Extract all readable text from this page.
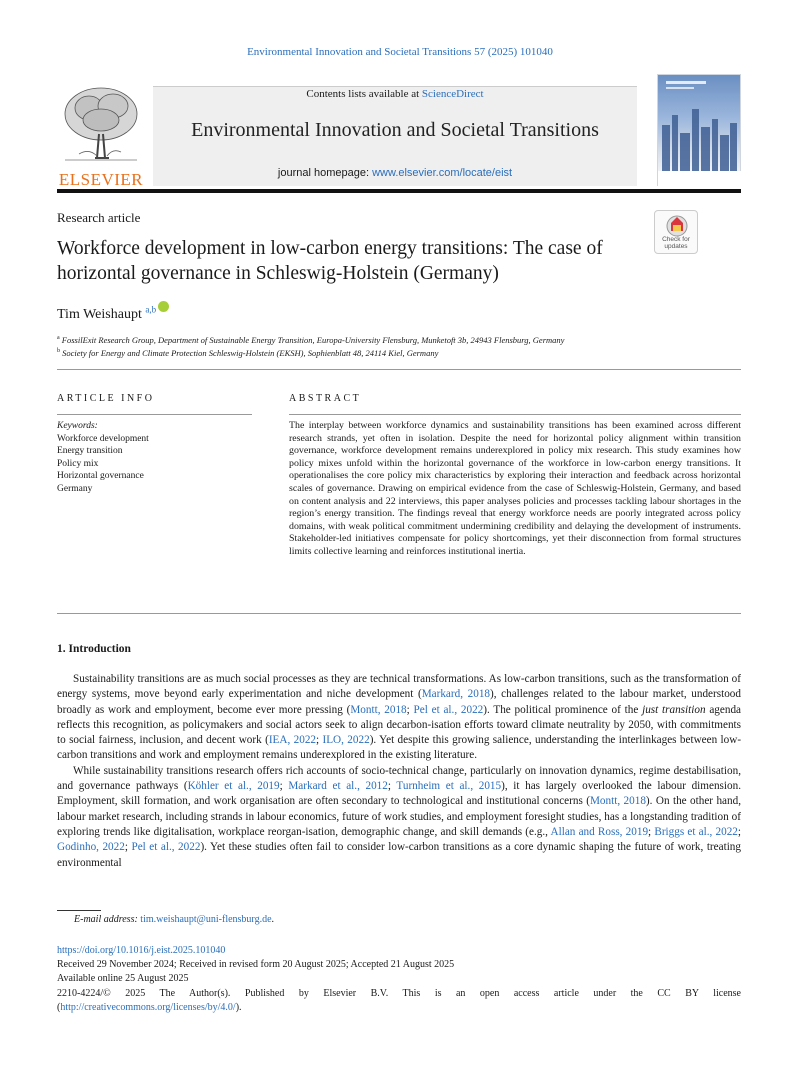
Environmental Innovation and Societal Transitions 57 (2025) 101040
ELSEVIER
Contents lists available at ScienceDirect
Environmental Innovation and Societal Transitions
journal homepage: www.elsevier.com/locate/eist
Research article
Check for updates
Workforce development in low-carbon energy transitions: The case of horizontal governance in Schleswig-Holstein (Germany)
Tim Weishaupt $^{a,b}$
$^a$ FossilExit Research Group, Department of Sustainable Energy Transition, Europa-University Flensburg, Munketoft 3b, 24943 Flensburg, Germany
$^b$ Society for Energy and Climate Protection Schleswig-Holstein (EKSH), Sophienblatt 48, 24114 Kiel, Germany
ARTICLE INFO
Keywords:
Workforce development
Energy transition
Policy mix
Horizontal governance
Germany
ABSTRACT
The interplay between workforce dynamics and sustainability transitions has been examined across different research strands, yet often in isolation. Despite the need for horizontal policy alignment within transition governance, workforce development remains underexplored in policy mix research. This study examines how policy mixes unfold within the horizontal governance of the workforce in low-carbon energy transitions. It operationalises the core policy mix characteristics by exploring their interaction and feedback across horizontal scales of governance. Drawing on empirical evidence from the case of Schleswig-Holstein, Germany, and based on content analysis and 22 interviews, this paper analyses policies and processes tackling labour shortages in the region’s energy transition. The findings reveal that energy workforce needs are poorly integrated across policy domains, with weak political commitment undermining credibility and delaying the development of instruments. Stakeholder-led initiatives compensate for policy shortcomings, yet their disconnection from formal structures limits collective learning and reinforces institutional inertia.
1. Introduction

Sustainability transitions are as much social processes as they are technical transformations. As low-carbon transitions, such as the transformation of energy systems, move beyond early experimentation and niche development (Markard, 2018), challenges related to the labour market, understood broadly as work and employment, become ever more pressing (Montt, 2018; Pel et al., 2022). The political prominence of the just transition agenda reflects this recognition, as policymakers and social actors seek to align decarbon-isation efforts toward climate neutrality by 2050, with commitments to social fairness, inclusion, and decent work (IEA, 2022; ILO, 2022). Yet despite this growing salience, understanding the interlinkages between low-carbon transitions and work and employment remains underexplored in the existing literature.

While sustainability transitions research offers rich accounts of socio-technical change, particularly on innovation dynamics, regime destabilisation, and governance pathways (Köhler et al., 2019; Markard et al., 2012; Turnheim et al., 2015), it has largely overlooked the labour dimension. Employment, skill formation, and work organisation are often secondary to technological and institutional concerns (Montt, 2018). On the other hand, labour market research, including strands in labour economics, future of work studies, and employment foresight studies, has a longstanding tradition of exploring trends like digitalisation, workplace reorgan-isation, demographic change, and skill demands (e.g., Allan and Ross, 2019; Briggs et al., 2022; Godinho, 2022; Pel et al., 2022). Yet these studies often fail to consider low-carbon transitions as a core dynamic shaping the future of work, treating environmental

E-mail address: tim.weishaupt@uni-flensburg.de.
https://doi.org/10.1016/j.eist.2025.101040
Received 29 November 2024; Received in revised form 20 August 2025; Accepted 21 August 2025
Available online 25 August 2025
2210-4224/© 2025 The Author(s). Published by Elsevier B.V. This is an open access article under the CC BY license
(http://creativecommons.org/licenses/by/4.0/).
